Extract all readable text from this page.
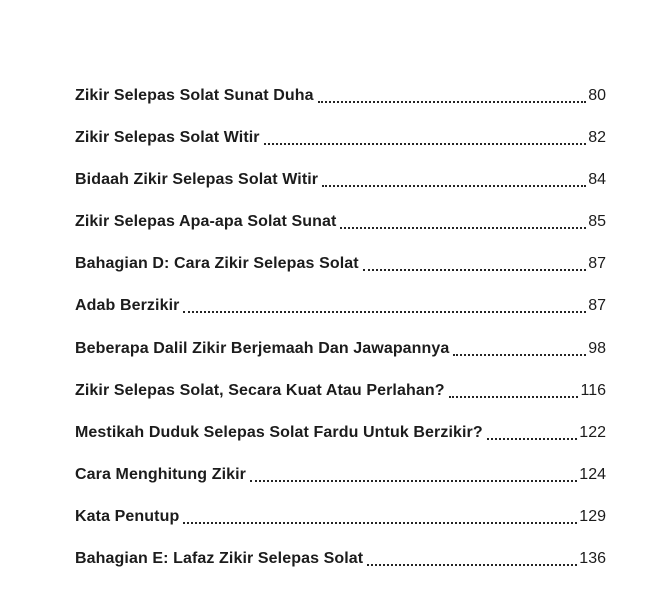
Zikir Selepas Solat Sunat Duha	80
Zikir Selepas Solat Witir	82
Bidaah Zikir Selepas Solat Witir	84
Zikir Selepas Apa-apa Solat Sunat	85
Bahagian D: Cara Zikir Selepas Solat	87
Adab Berzikir	87
Beberapa Dalil Zikir Berjemaah Dan Jawapannya	98
Zikir Selepas Solat, Secara Kuat Atau Perlahan?	116
Mestikah Duduk Selepas Solat Fardu Untuk Berzikir?	122
Cara Menghitung Zikir	124
Kata Penutup	129
Bahagian E: Lafaz Zikir Selepas Solat	136
